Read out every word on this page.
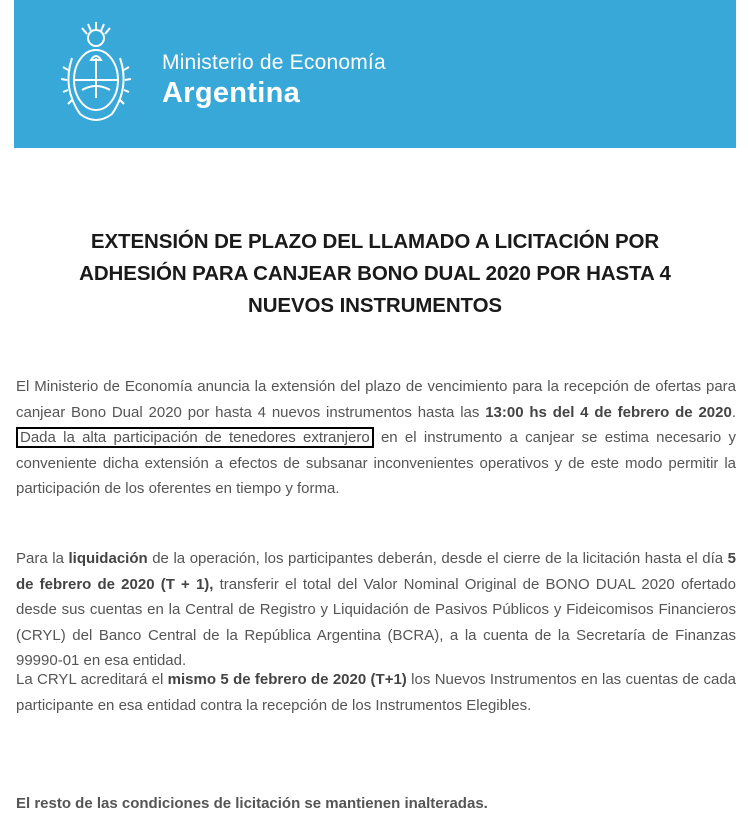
Ministerio de Economía
Argentina
EXTENSIÓN DE PLAZO DEL LLAMADO A LICITACIÓN POR
ADHESIÓN PARA CANJEAR BONO DUAL 2020 POR HASTA 4
NUEVOS INSTRUMENTOS
El Ministerio de Economía anuncia la extensión del plazo de vencimiento para la recepción de ofertas para canjear Bono Dual 2020 por hasta 4 nuevos instrumentos hasta las 13:00 hs del 4 de febrero de 2020. Dada la alta participación de tenedores extranjero en el instrumento a canjear se estima necesario y conveniente dicha extensión a efectos de subsanar inconvenientes operativos y de este modo permitir la participación de los oferentes en tiempo y forma.
Para la liquidación de la operación, los participantes deberán, desde el cierre de la licitación hasta el día 5 de febrero de 2020 (T + 1), transferir el total del Valor Nominal Original de BONO DUAL 2020 ofertado desde sus cuentas en la Central de Registro y Liquidación de Pasivos Públicos y Fideicomisos Financieros (CRYL) del Banco Central de la República Argentina (BCRA), a la cuenta de la Secretaría de Finanzas 99990-01 en esa entidad.
La CRYL acreditará el mismo 5 de febrero de 2020 (T+1) los Nuevos Instrumentos en las cuentas de cada participante en esa entidad contra la recepción de los Instrumentos Elegibles.
El resto de las condiciones de licitación se mantienen inalteradas.
